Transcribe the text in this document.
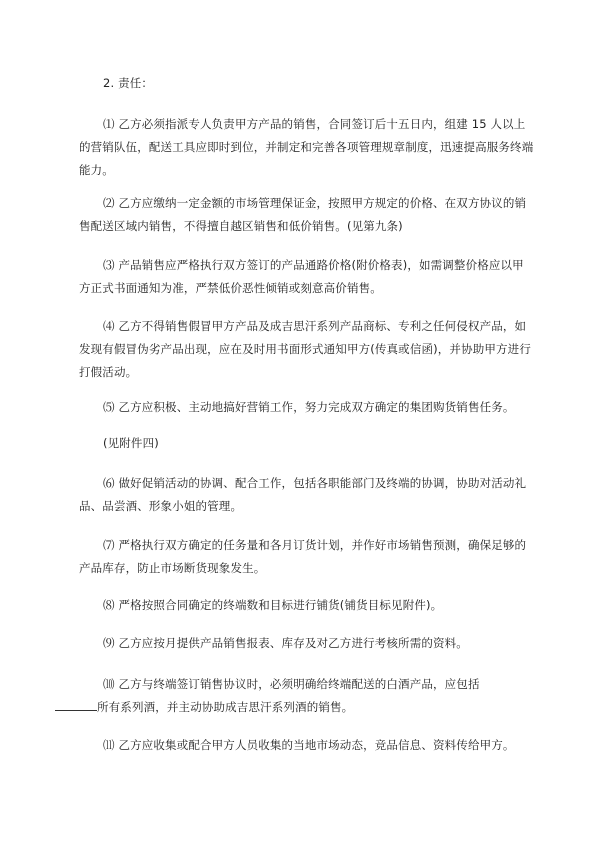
2. 责任：

⑴ 乙方必须指派专人负责甲方产品的销售，合同签订后十五日内，组建 15 人以上的营销队伍，配送工具应即时到位，并制定和完善各项管理规章制度，迅速提高服务终端能力。

⑵ 乙方应缴纳一定金额的市场管理保证金，按照甲方规定的价格、在双方协议的销售配送区域内销售，不得擅自越区销售和低价销售。(见第九条)

⑶ 产品销售应严格执行双方签订的产品通路价格(附价格表)，如需调整价格应以甲方正式书面通知为准，严禁低价恶性倾销或刻意高价销售。

⑷ 乙方不得销售假冒甲方产品及成吉思汗系列产品商标、专利之任何侵权产品，如发现有假冒伪劣产品出现，应在及时用书面形式通知甲方(传真或信函)，并协助甲方进行打假活动。

⑸ 乙方应积极、主动地搞好营销工作，努力完成双方确定的集团购货销售任务。

(见附件四)

⑹ 做好促销活动的协调、配合工作，包括各职能部门及终端的协调，协助对活动礼品、品尝酒、形象小姐的管理。

⑺ 严格执行双方确定的任务量和各月订货计划，并作好市场销售预测，确保足够的产品库存，防止市场断货现象发生。

⑻ 严格按照合同确定的终端数和目标进行铺货(铺货目标见附件)。

⑼ 乙方应按月提供产品销售报表、库存及对乙方进行考核所需的资料。

⑽ 乙方与终端签订销售协议时，必须明确给终端配送的白酒产品，应包括
所有系列酒，并主动协助成吉思汗系列酒的销售。

⑾ 乙方应收集或配合甲方人员收集的当地市场动态，竞品信息、资料传给甲方。
